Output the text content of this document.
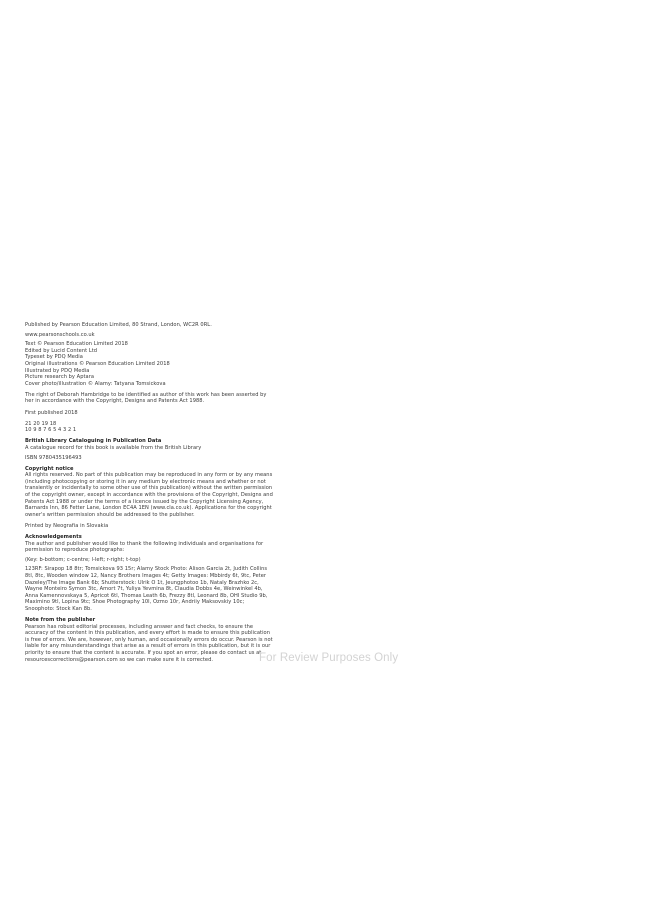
Published by Pearson Education Limited, 80 Strand, London, WC2R 0RL.

www.pearsonschools.co.uk

Text © Pearson Education Limited 2018

Edited by Lucid Content Ltd

Typeset by PDQ Media

Original illustrations © Pearson Education Limited 2018

Illustrated by PDQ Media

Picture research by Aptara

Cover photo/illustration © Alamy: Tatyana Tomsickova

The right of Deborah Hambridge to be identified as author of this work has been asserted by her in accordance with the Copyright, Designs and Patents Act 1988.

First published 2018

21 20 19 18

10 9 8 7 6 5 4 3 2 1

British Library Cataloguing in Publication Data

A catalogue record for this book is available from the British Library

ISBN 9780435196493

Copyright notice

All rights reserved. No part of this publication may be reproduced in any form or by any means (including photocopying or storing it in any medium by electronic means and whether or not transiently or incidentally to some other use of this publication) without the written permission of the copyright owner, except in accordance with the provisions of the Copyright, Designs and Patents Act 1988 or under the terms of a licence issued by the Copyright Licensing Agency, Barnards Inn, 86 Fetter Lane, London EC4A 1EN (www.cla.co.uk). Applications for the copyright owner's written permission should be addressed to the publisher.

Printed by Neografia in Slovakia

Acknowledgements

The author and publisher would like to thank the following individuals and organisations for permission to reproduce photographs:

(Key: b-bottom; c-centre; l-left; r-right; t-top)

123RF: Sirapop 18 8tr; Tomsickova 93 15r; Alamy Stock Photo: Alison Garcia 2t, Judith Collins 8tl, 8tc, Wooden window 12, Nancy Brothers Images 4t; Getty Images: Mbbirdy 6t, 9tc, Peter Dazeley/The Image Bank 6b; Shutterstock: Ulrik O 1t, Jeungphotoo 1b, Nataly Brazhko 2c, Wayne Monteiro Symon 3tc, Amort 7t, Yuliya Yevmina 8t, Claudia Dobbs 4e, Weinwinkel 4b, Anna Kamennovskaya 5, Apricot 6tl, Thomas Leath 6b, Frezzy 8tl, Leonard 8b, OHI Studio 9b, Maximino 9tl, Lopina 9tc; Shoe Photography 10l, Ozmo 10r, Andriiy Maksovskiy 10c; Snoophoto: Stock Kan 8b.

Note from the publisher

Pearson has robust editorial processes, including answer and fact checks, to ensure the accuracy of the content in this publication, and every effort is made to ensure this publication is free of errors. We are, however, only human, and occasionally errors do occur. Pearson is not liable for any misunderstandings that arise as a result of errors in this publication, but it is our priority to ensure that the content is accurate. If you spot an error, please do contact us at resourcescorrections@pearson.com so we can make sure it is corrected.	For Review Purposes Only
